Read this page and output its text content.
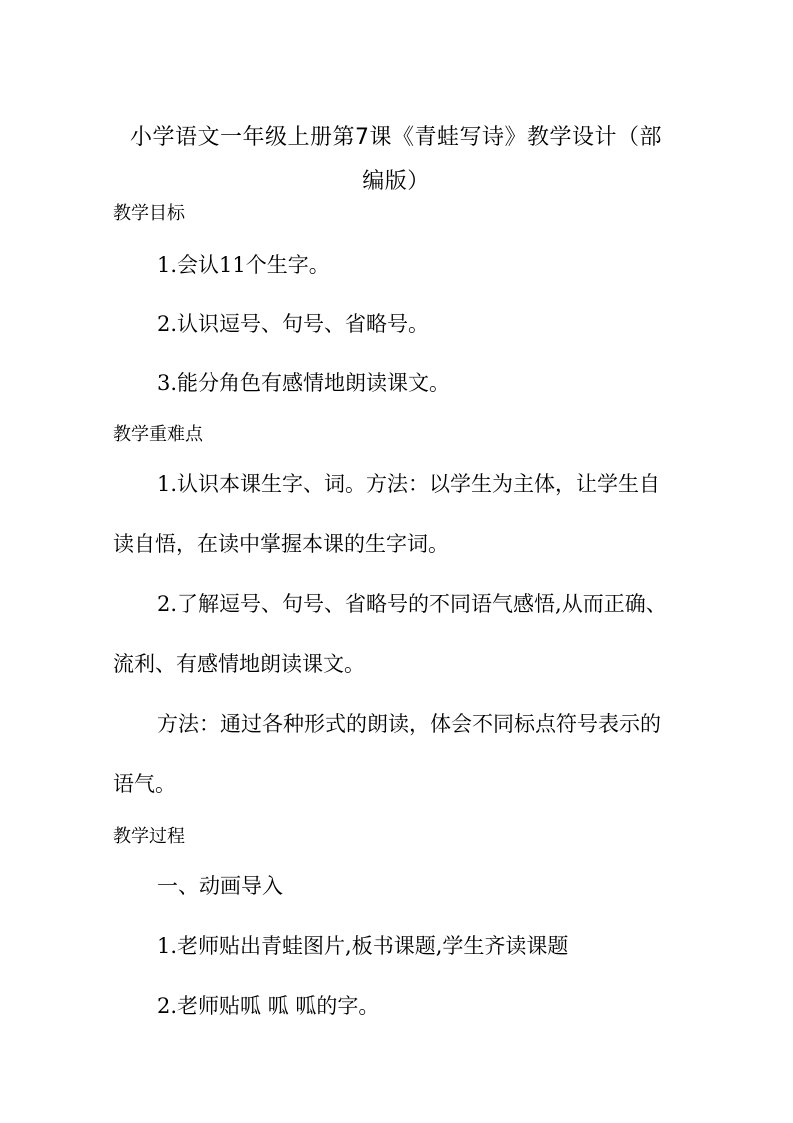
小学语文一年级上册第7课《青蛙写诗》教学设计（部
编版）
教学目标
1.会认11个生字。
2.认识逗号、句号、省略号。
3.能分角色有感情地朗读课文。
教学重难点
1.认识本课生字、词。方法：以学生为主体，让学生自
读自悟，在读中掌握本课的生字词。
2.了解逗号、句号、省略号的不同语气感悟,从而正确、
流利、有感情地朗读课文。
方法：通过各种形式的朗读，体会不同标点符号表示的
语气。
教学过程
一、动画导入
1.老师贴出青蛙图片,板书课题,学生齐读课题
2.老师贴呱 呱 呱的字。
